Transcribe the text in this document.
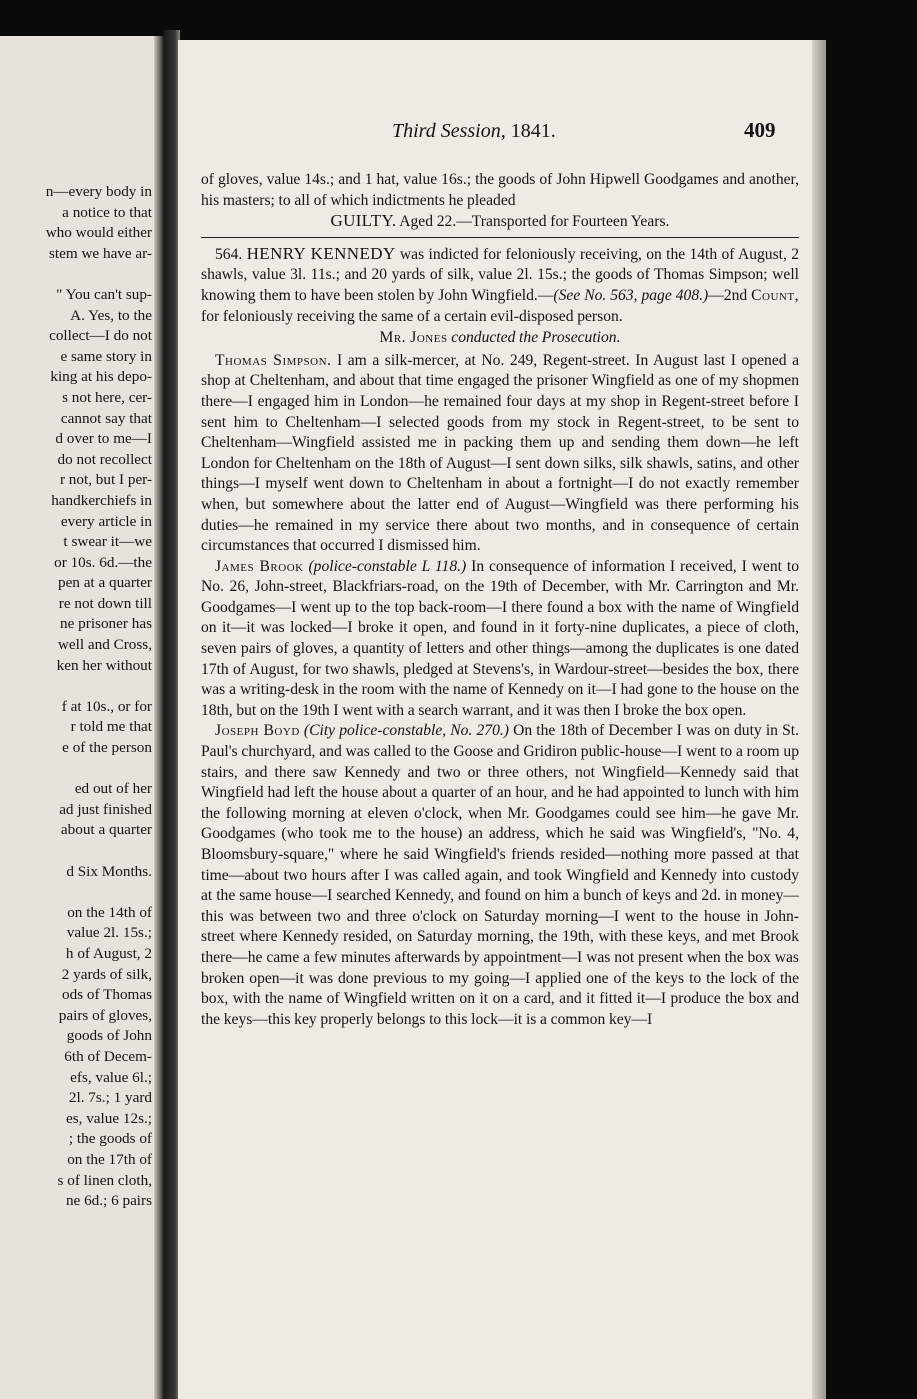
n—every body in
a notice to that
who would either
stem we have ar-
" You can't sup-
A. Yes, to the
collect—I do not
e same story in
king at his depo-
s not here, cer-
cannot say that
d over to me—I
do not recollect
r not, but I per-
handkerchiefs in
every article in
t swear it—we
or 10s. 6d.—the
pen at a quarter
re not down till
ne prisoner has
well and Cross,
ken her without
f at 10s., or for
r told me that
e of the person
ed out of her
ad just finished
about a quarter
d Six Months.
on the 14th of
value 2l. 15s.;
h of August, 2
2 yards of silk,
ods of Thomas
pairs of gloves,
goods of John
6th of Decem-
efs, value 6l.;
2l. 7s.; 1 yard
es, value 12s.;
; the goods of
on the 17th of
s of linen cloth,
ne 6d.; 6 pairs
Third Session, 1841.	409

of gloves, value 14s.; and 1 hat, value 16s.; the goods of John Hipwell Goodgames and another, his masters; to all of which indictments he pleaded

GUILTY. Aged 22.—Transported for Fourteen Years.

564. HENRY KENNEDY was indicted for feloniously receiving, on the 14th of August, 2 shawls, value 3l. 11s.; and 20 yards of silk, value 2l. 15s.; the goods of Thomas Simpson; well knowing them to have been stolen by John Wingfield.—(See No. 563, page 408.)—2nd Count, for feloniously receiving the same of a certain evil-disposed person.

Mr. Jones conducted the Prosecution.

Thomas Simpson. I am a silk-mercer, at No. 249, Regent-street. In August last I opened a shop at Cheltenham, and about that time engaged the prisoner Wingfield as one of my shopmen there—I engaged him in London—he remained four days at my shop in Regent-street before I sent him to Cheltenham—I selected goods from my stock in Regent-street, to be sent to Cheltenham—Wingfield assisted me in packing them up and sending them down—he left London for Cheltenham on the 18th of August—I sent down silks, silk shawls, satins, and other things—I myself went down to Cheltenham in about a fortnight—I do not exactly remember when, but somewhere about the latter end of August—Wingfield was there performing his duties—he remained in my service there about two months, and in consequence of certain circumstances that occurred I dismissed him.

James Brook (police-constable L 118.) In consequence of information I received, I went to No. 26, John-street, Blackfriars-road, on the 19th of December, with Mr. Carrington and Mr. Goodgames—I went up to the top back-room—I there found a box with the name of Wingfield on it—it was locked—I broke it open, and found in it forty-nine duplicates, a piece of cloth, seven pairs of gloves, a quantity of letters and other things—among the duplicates is one dated 17th of August, for two shawls, pledged at Stevens's, in Wardour-street—besides the box, there was a writing-desk in the room with the name of Kennedy on it—I had gone to the house on the 18th, but on the 19th I went with a search warrant, and it was then I broke the box open.

Joseph Boyd (City police-constable, No. 270.) On the 18th of December I was on duty in St. Paul's churchyard, and was called to the Goose and Gridiron public-house—I went to a room up stairs, and there saw Kennedy and two or three others, not Wingfield—Kennedy said that Wingfield had left the house about a quarter of an hour, and he had appointed to lunch with him the following morning at eleven o'clock, when Mr. Goodgames could see him—he gave Mr. Goodgames (who took me to the house) an address, which he said was Wingfield's, "No. 4, Bloomsbury-square," where he said Wingfield's friends resided—nothing more passed at that time—about two hours after I was called again, and took Wingfield and Kennedy into custody at the same house—I searched Kennedy, and found on him a bunch of keys and 2d. in money—this was between two and three o'clock on Saturday morning—I went to the house in John-street where Kennedy resided, on Saturday morning, the 19th, with these keys, and met Brook there—he came a few minutes afterwards by appointment—I was not present when the box was broken open—it was done previous to my going—I applied one of the keys to the lock of the box, with the name of Wingfield written on it on a card, and it fitted it—I produce the box and the keys—this key properly belongs to this lock—it is a common key—I
